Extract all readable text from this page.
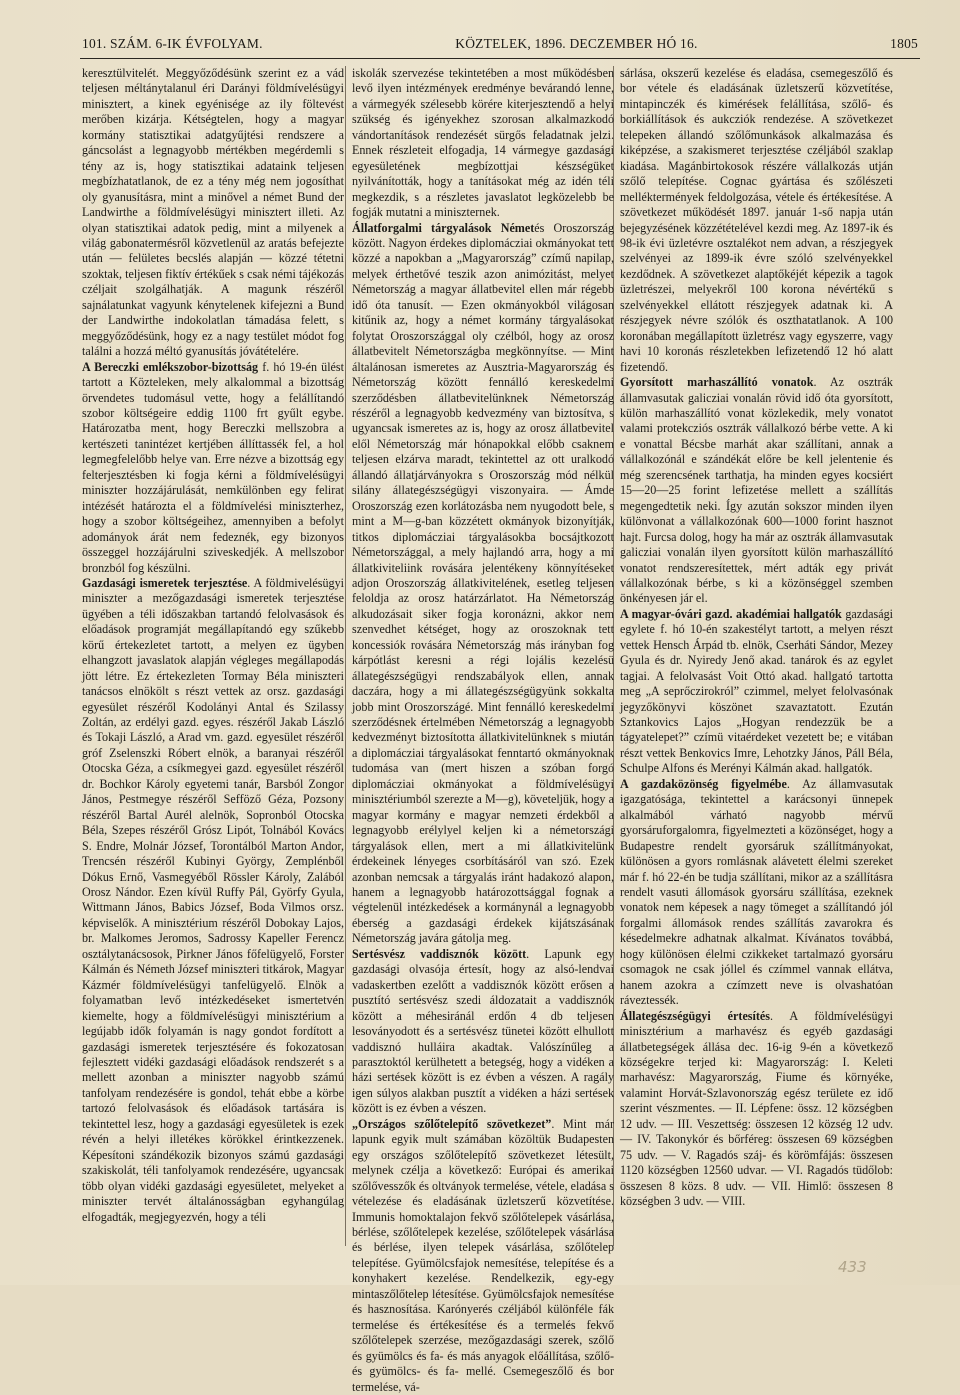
101. SZÁM. 6-IK ÉVFOLYAM.	KÖZTELEK, 1896. DECZEMBER HÓ 16.	1805

keresztülvitelét. Meggyőződésünk szerint ez a vád teljesen méltánytalanul éri Darányi földmívelésügyi minisztert, a kinek egyénisége az ily föltevést merőben kizárja. Kétségtelen, hogy a magyar kormány statisztikai adatgyűjtési rendszere a gáncsolást a legnagyobb mértékben megérdemli s tény az is, hogy statisztikai adataink teljesen megbízhatatlanok, de ez a tény még nem jogosíthat oly gyanusításra, mint a minővel a német Bund der Landwirthe a földmívelésügyi minisztert illeti. Az olyan statisztikai adatok pedig, mint a milyenek a világ gabonatermésről közvetlenül az aratás befejezte után — felületes becslés alapján — közzé tétetni szoktak, teljesen fiktív értékűek s csak némi tájékozás czéljait szolgálhatják. A magunk részéről sajnálatunkat vagyunk kénytelenek kifejezni a Bund der Landwirthe indokolatlan támadása felett, s meggyőződésünk, hogy ez a nagy testület módot fog találni a hozzá méltó gyanusítás jóvátételére.

A Bereczki emlékszobor-bizottság f. hó 19-én ülést tartott a Közteleken, mely alkalommal a bizottság örvendetes tudomásul vette, hogy a felállítandó szobor költségeire eddig 1100 frt gyűlt egybe. Határozatba ment, hogy Bereczki mellszobra a kertészeti tanintézet kertjében állíttassék fel, a hol legmegfelelőbb helye van. Erre nézve a bizottság egy felterjesztésben ki fogja kérni a földmívelésügyi miniszter hozzájárulását, nemkülönben egy felirat intézését határozta el a földmívelési miniszterhez, hogy a szobor költségeihez, amennyiben a befolyt adományok árát nem fedeznék, egy bizonyos összeggel hozzájárulni sziveskedjék. A mellszobor bronzból fog készülni.

Gazdasági ismeretek terjesztése. A földmivelésügyi miniszter a mezőgazdasági ismeretek terjesztése ügyében a téli időszakban tartandó felolvasások és előadások programját megállapítandó egy szűkebb körű értekezletet tartott, a melyen ez ügyben elhangzott javaslatok alapján végleges megállapodás jött létre. Ez értekezleten Tormay Béla miniszteri tanácsos elnökölt s részt vettek az orsz. gazdasági egyesület részéről Kodolányi Antal és Szilassy Zoltán, az erdélyi gazd. egyes. részéről Jakab László és Tokaji László, a Arad vm. gazd. egyesület részéről gróf Zselenszki Róbert elnök, a baranyai részéről Otocska Géza, a csíkmegyei gazd. egyesület részéről dr. Bochkor Károly egyetemi tanár, Barsból Zongor János, Pestmegye részéről Sefföző Géza, Pozsony részéről Bartal Aurél alelnök, Sopronból Otocska Béla, Szepes részéről Grósz Lipót, Tolnából Kovács S. Endre, Molnár József, Torontálból Marton Andor, Trencsén részéről Kubinyi György, Zemplénből Dókus Ernő, Vasmegyéből Rössler Károly, Zalából Orosz Nándor. Ezen kívül Ruffy Pál, Györfy Gyula, Wittmann János, Babics József, Boda Vilmos orsz. képviselők. A minisztérium részéről Dobokay Lajos, br. Malkomes Jeromos, Sadrossy Kapeller Ferencz osztálytanácsosok, Pirkner János főfelügyelő, Forster Kálmán és Németh József miniszteri titkárok, Magyar Kázmér földmívelésügyi tanfelügyelő. Elnök a folyamatban levő intézkedéseket ismertetvén kiemelte, hogy a földmívelésügyi minisztérium a legújabb idők folyamán is nagy gondot fordított a gazdasági ismeretek terjesztésére és fokozatosan fejlesztett vidéki gazdasági előadások rendszerét s a mellett azonban a miniszter nagyobb számú tanfolyam rendezésére is gondol, tehát ebbe a körbe tartozó felolvasások és előadások tartására is tekintettel lesz, hogy a gazdasági egyesületek is ezek révén a helyi illetékes körökkel érintkezzenek. Képesítoni szándékozik bizonyos számú gazdasági szakiskolát, téli tanfolyamok rendezésére, ugyancsak több olyan vidéki gazdasági egyesületet, melyeket a miniszter tervét általánosságban egyhangúlag elfogadták, megjegyezvén, hogy a téli

iskolák szervezése tekintetében a most működésben levő ilyen intézmények eredménye bevárandó lenne, a vármegyék szélesebb körére kiterjesztendő a helyi szükség és igényekhez szorosan alkalmazkodó vándortanítások rendezését sürgős feladatnak jelzi. Ennek részleteit elfogadja, 14 vármegye gazdasági egyesületének megbízottjai készségüket nyilvánították, hogy a tanításokat még az idén téli megkezdik, s a részletes javaslatot legközelebb be fogják mutatni a miniszternek.

Állatforgalmi tárgyalások Németés Oroszország között. Nagyon érdekes diplomácziai okmányokat tett közzé a napokban a „Magyarország” czímű napilap, melyek érthetővé teszik azon animózitást, melyet Németország a magyar állatbevitel ellen már régebb idő óta tanusít. — Ezen okmányokból világosan kitűnik az, hogy a német kormány tárgyalásokat folytat Oroszországgal oly czélból, hogy az orosz állatbevitelt Németországba megkönnyítse. — Mint általánosan ismeretes az Ausztria-Magyarország és Németország között fennálló kereskedelmi szerződésben állatbevitelünknek Németország részéről a legnagyobb kedvezmény van biztosítva, s ugyancsak ismeretes az is, hogy az orosz állatbevitel elől Németország már hónapokkal előbb csaknem teljesen elzárva maradt, tekintettel az ott uralkodó állandó állatjárványokra s Oroszország mód nélkül silány állategészségügyi viszonyaira. — Ámde Oroszország ezen korlátozásba nem nyugodott bele, s mint a M—g-ban közzétett okmányok bizonyítják, titkos diplomácziai tárgyalásokba bocsájtkozott Németországgal, a mely hajlandó arra, hogy a mi állatkiviteliink rovására jelentékeny könnyítéseket adjon Oroszország állatkivitelének, esetleg teljesen feloldja az orosz határzárlatot. Ha Németország alkudozásait siker fogja koronázni, akkor nem szenvedhet kétséget, hogy az oroszoknak tett koncessiók rovására Németország más irányban fog kárpótlást keresni a régi lojális kezelésü állategészségügyi rendszabályok ellen, annak daczára, hogy a mi állategészségügyünk sokkalta jobb mint Oroszországé. Mint fennálló kereskedelmi szerződésnek értelmében Németország a legnagyobb kedvezményt biztosította állatkivitelünknek s miután a diplomácziai tárgyalásokat fenntartó okmányoknak tudomása van (mert hiszen a szóban forgó diplomácziai okmányokat a földmívelésügyi minisztériumból szerezte a M—g), követeljük, hogy a magyar kormány e magyar nemzeti érdekből a legnagyobb erélylyel keljen ki a németországi tárgyalások ellen, mert a mi állatkivitelünk érdekeinek lényeges csorbításáról van szó. Ezek azonban nemcsak a tárgyalás iránt hadakozó alapon, hanem a legnagyobb határozottsággal fognak a végtelenül intézkedések a kormánynál a legnagyobb éberség a gazdasági érdekek kijátszásának Németország javára gátolja meg.

Sertésvész vaddisznók között. Lapunk egy gazdasági olvasója értesít, hogy az alsó-lendvai vadaskertben ezelőtt a vaddisznók között erősen a pusztító sertésvész szedi áldozatait a vaddisznók között a méhesiránál erdőn 4 db teljesen lesoványodott és a sertésvész tünetei között elhullott vaddisznó hulláira akadtak. Valószínűleg a parasztoktól kerülhetett a betegség, hogy a vidéken a házi sertések között is ez évben a vészen. A ragály igen súlyos alakban pusztít a vidéken a házi sertések között is ez évben a vészen.

„Országos szőlőtelepítő szövetkezet”. Mint már lapunk egyik mult számában közöltük Budapesten egy országos szőlőtelepítő szövetkezet létesült, melynek czélja a következő: Európai és amerikai szőlővesszők és oltványok termelése, vétele, eladása s vételezése és eladásának üzletszerű közvetítése. Immunis homoktalajon fekvő szőlőtelepek vásárlása, bérlése, szőlőtelepek kezelése, szőlőtelepek vásárlása és bérlése, ilyen telepek vásárlása, szőlőtelep telepítése. Gyümölcsfajok nemesítése, telepítése és a konyhakert kezelése. Rendelkezik, egy-egy mintaszőlőtelep létesítése. Gyümölcsfajok nemesítése és hasznosítása. Karónyerés czéljából különféle fák termelése és értékesítése és a termelés fekvő szőlőtelepek szerzése, mezőgazdasági szerek, szőlő és gyümölcs és fa- és más anyagok előállítása, szőlő- és gyümölcs- és fa- mellé. Csemegeszőlő és bor termelése, vá-

sárlása, okszerű kezelése és eladása, csemegeszőlő és bor vétele és eladásának üzletszerű közvetítése, mintapinczék és kimérések felállítása, szőlő- és borkiállítások és aukcziók rendezése. A szövetkezet telepeken állandó szőlőmunkások alkalmazása és kiképzése, a szakismeret terjesztése czéljából szaklap kiadása. Magánbirtokosok részére vállalkozás utján szőlő telepítése. Cognac gyártása és szőlészeti melléktermények feldolgozása, vétele és értékesítése. A szövetkezet működését 1897. január 1-ső napja után bejegyzésének közzétételével kezdi meg. Az 1897-ik és 98-ik évi üzletévre osztalékot nem advan, a részjegyek szelvényei az 1899-ik évre szóló szelvényekkel kezdődnek. A szövetkezet alaptőkéjét képezik a tagok üzletrészei, melyekről 100 korona névértékű s szelvényekkel ellátott részjegyek adatnak ki. A részjegyek névre szólók és oszthatatlanok. A 100 koronában megállapított üzletrész vagy egyszerre, vagy havi 10 koronás részletekben lefizetendő 12 hó alatt fizetendő.

Gyorsított marhaszállító vonatok. Az osztrák államvasutak galicziai vonalán rövid idő óta gyorsított, külön marhaszállító vonat közlekedik, mely vonatot valami protekcziós osztrák vállalkozó bérbe vette. A ki e vonattal Bécsbe marhát akar szállítani, annak a vállalkozónál e szándékát előre be kell jelentenie és még szerencsének tarthatja, ha minden egyes kocsiért 15—20—25 forint lefizetése mellett a szállítás megengedtetik neki. Így azután sokszor minden ilyen különvonat a vállalkozónak 600—1000 forint hasznot hajt. Furcsa dolog, hogy ha már az osztrák államvasutak galicziai vonalán ilyen gyorsított külön marhaszállító vonatot rendszeresítettek, mért adták egy privát vállalkozónak bérbe, s ki a közönséggel szemben önkényesen jár el.

A magyar-óvári gazd. akadémiai hallgatók gazdasági egylete f. hó 10-én szakestélyt tartott, a melyen részt vettek Hensch Árpád tb. elnök, Cserháti Sándor, Mezey Gyula és dr. Nyiredy Jenő akad. tanárok és az egylet tagjai. A felolvasást Voit Ottó akad. hallgató tartotta meg „A seprőczirokról” czimmel, melyet felolvasónak jegyzőkönyvi köszönet szavaztatott. Ezután Sztankovics Lajos „Hogyan rendezzük be a tágyatelepet?” czímü vitaérdeket vezetett be; e vitában részt vettek Benkovics Imre, Lehotzky János, Páll Béla, Schulpe Alfons és Merényi Kálmán akad. hallgatók.

A gazdaközönség figyelmébe. Az államvasutak igazgatósága, tekintettel a karácsonyi ünnepek alkalmából várható nagyobb mérvű gyorsáruforgalomra, figyelmezteti a közönséget, hogy a Budapestre rendelt gyorsáruk szállítmányokat, különösen a gyors romlásnak alávetett élelmi szereket már f. hó 22-én be tudja szállítani, mikor az a szállításra rendelt vasuti állomások gyorsáru szállítása, ezeknek vonatok nem képesek a nagy tömeget a szállítandó jól forgalmi állomások rendes szállítás zavarokra és késedelmekre adhatnak alkalmat. Kívánatos továbbá, hogy különösen élelmi czikkeket tartalmazó gyorsáru csomagok ne csak jóllel és czímmel vannak ellátva, hanem azokra a czímzett neve is olvashatóan ráveztessék.

Állategészségügyi értesítés. A földmívelésügyi minisztérium a marhavész és egyéb gazdasági állatbetegségek állása dec. 16-ig 9-én a következő községekre terjed ki: Magyarország: I. Keleti marhavész: Magyarország, Fiume és környéke, valamint Horvát-Szlavonország egész területe ez idő szerint vészmentes. — II. Lépfene: össz. 12 községben 12 udv. — III. Veszettség: összesen 12 község 12 udv. — IV. Takonykór és bőrféreg: összesen 69 községben 75 udv. — V. Ragadós száj- és körömfájás: összesen 1120 községben 12560 udvar. — VI. Ragadós tüdőlob: összesen 8 közs. 8 udv. — VII. Himlő: összesen 8 községben 3 udv. — VIII.

433
